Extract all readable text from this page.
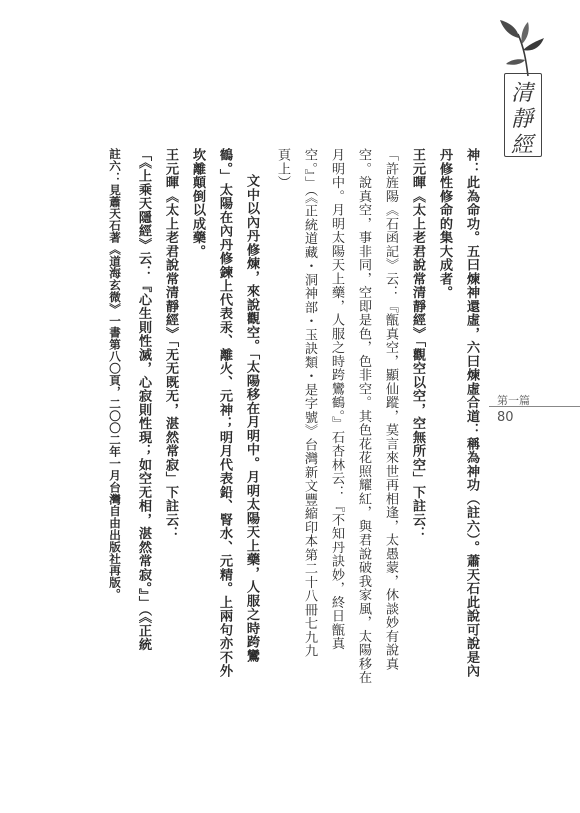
清
靜
經
第一篇
80
神：此為命功。五曰煉神還虛，六曰煉虛合道：稱為神功（註六）。蕭天石此說可說是內
丹修性修命的集大成者。
王元暉《太上老君說常清靜經》「觀空以空，空無所空」下註云：
「許旌陽《石函記》云：『甑真空，顯仙蹤，莫言來世再相逢，太愚蒙，休談妙有說真
空。說真空，事非同，空即是色，色非空。其色花花照耀紅，與君說破我家風，太陽移在
月明中。月明太陽天上藥，人服之時跨鸞鶴。』石杏林云：『不知丹訣妙，終日甑真
空。』」（《正統道藏・洞神部・玉訣類・是字號》台灣新文豐縮印本第二十八冊七九九
頁上）
文中以內丹修煉，來說觀空。「太陽移在月明中。月明太陽天上藥，人服之時跨鸞
鶴。」太陽在內丹修鍊上代表汞、離火、元神；明月代表鉛、腎水、元精。上兩句亦不外
坎離顛倒以成藥。
王元暉《太上老君說常清靜經》「无无既无，湛然常寂」下註云：
「《上乘天隱經》云：『心生則性滅，心寂則性現；如空无相，湛然常寂。』」（《正統
註六：見蕭天石著《道海玄微》一書第八〇頁，二〇〇二年一月台灣自由出版社再版。
